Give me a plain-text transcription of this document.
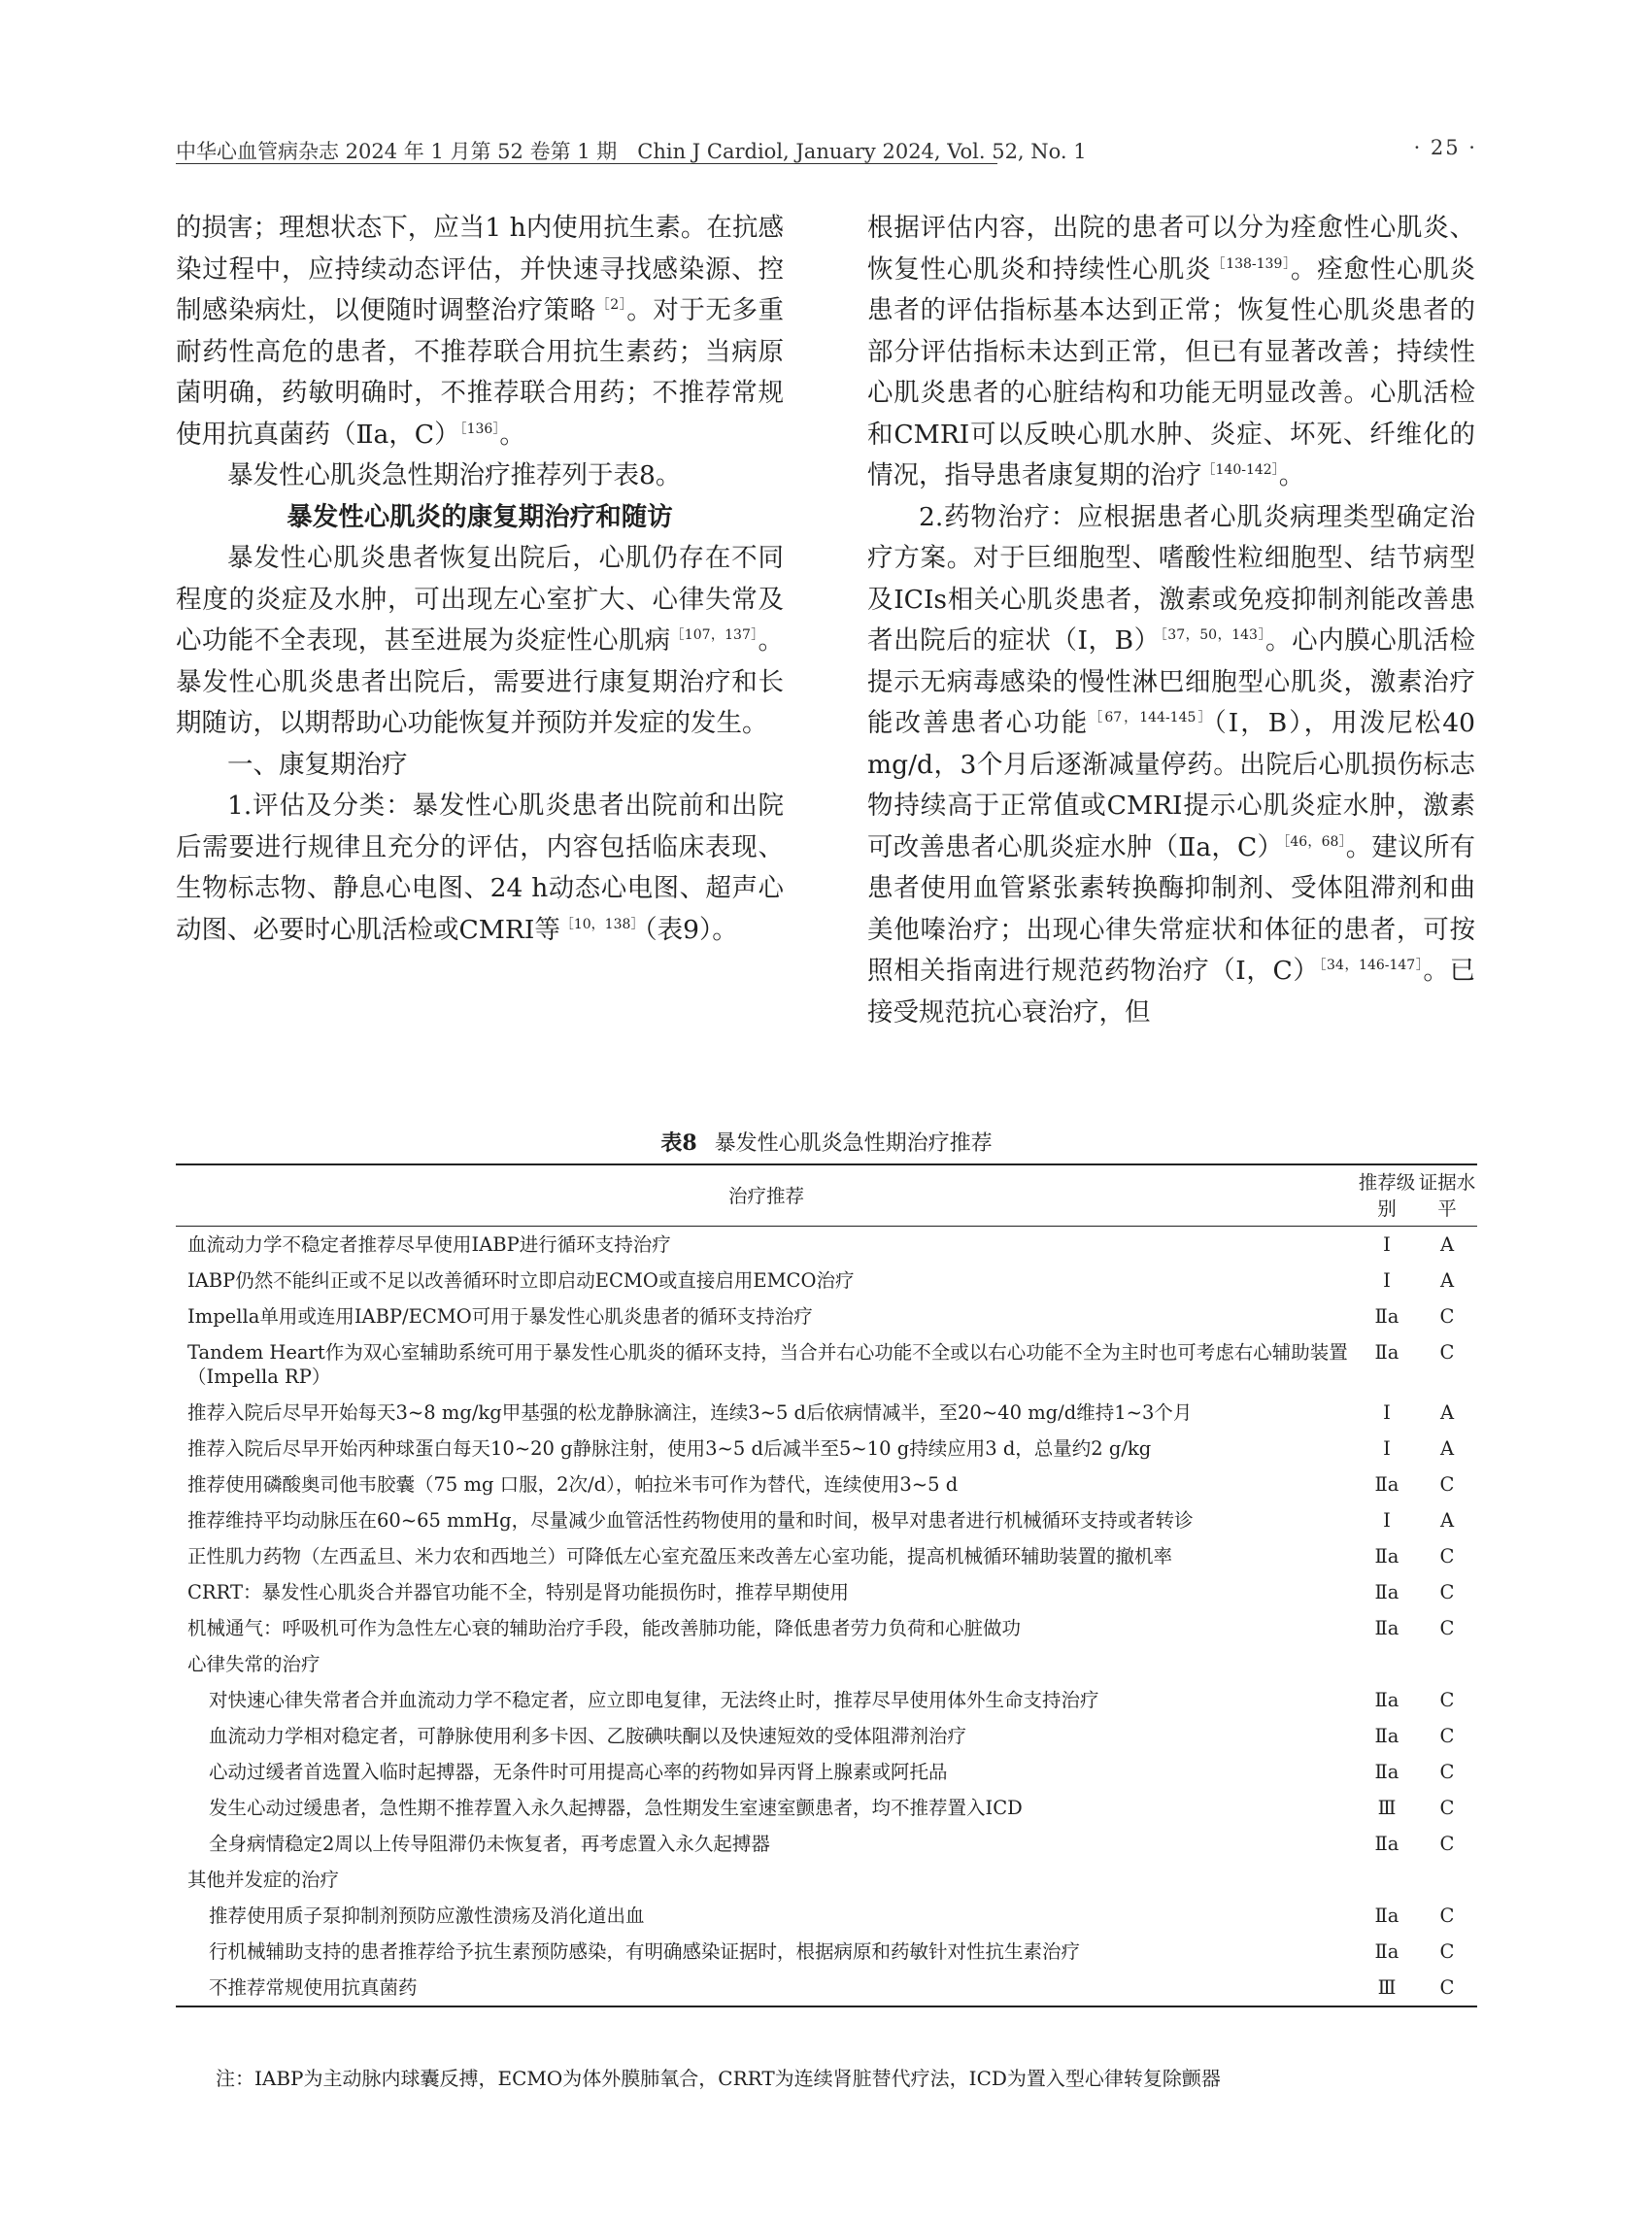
中华心血管病杂志 2024 年 1 月第 52 卷第 1 期　Chin J Cardiol, January 2024, Vol. 52, No. 1	· 25 ·

的损害；理想状态下，应当1 h内使用抗生素。在抗感染过程中，应持续动态评估，并快速寻找感染源、控制感染病灶，以便随时调整治疗策略$^{[2]}$。对于无多重耐药性高危的患者，不推荐联合用抗生素药；当病原菌明确，药敏明确时，不推荐联合用药；不推荐常规使用抗真菌药（Ⅱa，C）$^{[136]}$。

暴发性心肌炎急性期治疗推荐列于表8。

暴发性心肌炎的康复期治疗和随访

暴发性心肌炎患者恢复出院后，心肌仍存在不同程度的炎症及水肿，可出现左心室扩大、心律失常及心功能不全表现，甚至进展为炎症性心肌病$^{[107,137]}$。暴发性心肌炎患者出院后，需要进行康复期治疗和长期随访，以期帮助心功能恢复并预防并发症的发生。

一、康复期治疗

1.评估及分类：暴发性心肌炎患者出院前和出院后需要进行规律且充分的评估，内容包括临床表现、生物标志物、静息心电图、24 h动态心电图、超声心动图、必要时心肌活检或CMRI等$^{[10,138]}$（表9）。

根据评估内容，出院的患者可以分为痊愈性心肌炎、恢复性心肌炎和持续性心肌炎$^{[138-139]}$。痊愈性心肌炎患者的评估指标基本达到正常；恢复性心肌炎患者的部分评估指标未达到正常，但已有显著改善；持续性心肌炎患者的心脏结构和功能无明显改善。心肌活检和CMRI可以反映心肌水肿、炎症、坏死、纤维化的情况，指导患者康复期的治疗$^{[140-142]}$。

2.药物治疗：应根据患者心肌炎病理类型确定治疗方案。对于巨细胞型、嗜酸性粒细胞型、结节病型及ICIs相关心肌炎患者，激素或免疫抑制剂能改善患者出院后的症状（Ⅰ，B）$^{[37,50,143]}$。心内膜心肌活检提示无病毒感染的慢性淋巴细胞型心肌炎，激素治疗能改善患者心功能$^{[67,144-145]}$（Ⅰ，B），用泼尼松40 mg/d，3个月后逐渐减量停药。出院后心肌损伤标志物持续高于正常值或CMRI提示心肌炎症水肿，激素可改善患者心肌炎症水肿（Ⅱa，C）$^{[46,68]}$。建议所有患者使用血管紧张素转换酶抑制剂、受体阻滞剂和曲美他嗪治疗；出现心律失常症状和体征的患者，可按照相关指南进行规范药物治疗（Ⅰ，C）$^{[34,146-147]}$。已接受规范抗心衰治疗，但

表8 暴发性心肌炎急性期治疗推荐
治疗推荐	推荐级别	证据水平
血流动力学不稳定者推荐尽早使用IABP进行循环支持治疗	Ⅰ	A
IABP仍然不能纠正或不足以改善循环时立即启动ECMO或直接启用EMCO治疗	Ⅰ	A
Impella单用或连用IABP/ECMO可用于暴发性心肌炎患者的循环支持治疗	Ⅱa	C
Tandem Heart作为双心室辅助系统可用于暴发性心肌炎的循环支持，当合并右心功能不全或以右心功能不全为主时也可考虑右心辅助装置（Impella RP）	Ⅱa	C
推荐入院后尽早开始每天3~8 mg/kg甲基强的松龙静脉滴注，连续3~5 d后依病情减半，至20~40 mg/d维持1~3个月	Ⅰ	A
推荐入院后尽早开始丙种球蛋白每天10~20 g静脉注射，使用3~5 d后减半至5~10 g持续应用3 d，总量约2 g/kg	Ⅰ	A
推荐使用磷酸奥司他韦胶囊（75 mg 口服，2次/d），帕拉米韦可作为替代，连续使用3~5 d	Ⅱa	C
推荐维持平均动脉压在60~65 mmHg，尽量减少血管活性药物使用的量和时间，极早对患者进行机械循环支持或者转诊	Ⅰ	A
正性肌力药物（左西孟旦、米力农和西地兰）可降低左心室充盈压来改善左心室功能，提高机械循环辅助装置的撤机率	Ⅱa	C
CRRT：暴发性心肌炎合并器官功能不全，特别是肾功能损伤时，推荐早期使用	Ⅱa	C
机械通气：呼吸机可作为急性左心衰的辅助治疗手段，能改善肺功能，降低患者劳力负荷和心脏做功	Ⅱa	C
心律失常的治疗		
对快速心律失常者合并血流动力学不稳定者，应立即电复律，无法终止时，推荐尽早使用体外生命支持治疗	Ⅱa	C
血流动力学相对稳定者，可静脉使用利多卡因、乙胺碘呋酮以及快速短效的受体阻滞剂治疗	Ⅱa	C
心动过缓者首选置入临时起搏器，无条件时可用提高心率的药物如异丙肾上腺素或阿托品	Ⅱa	C
发生心动过缓患者，急性期不推荐置入永久起搏器，急性期发生室速室颤患者，均不推荐置入ICD	Ⅲ	C
全身病情稳定2周以上传导阻滞仍未恢复者，再考虑置入永久起搏器	Ⅱa	C
其他并发症的治疗		
推荐使用质子泵抑制剂预防应激性溃疡及消化道出血	Ⅱa	C
行机械辅助支持的患者推荐给予抗生素预防感染，有明确感染证据时，根据病原和药敏针对性抗生素治疗	Ⅱa	C
不推荐常规使用抗真菌药	Ⅲ	C
注：IABP为主动脉内球囊反搏，ECMO为体外膜肺氧合，CRRT为连续肾脏替代疗法，ICD为置入型心律转复除颤器
